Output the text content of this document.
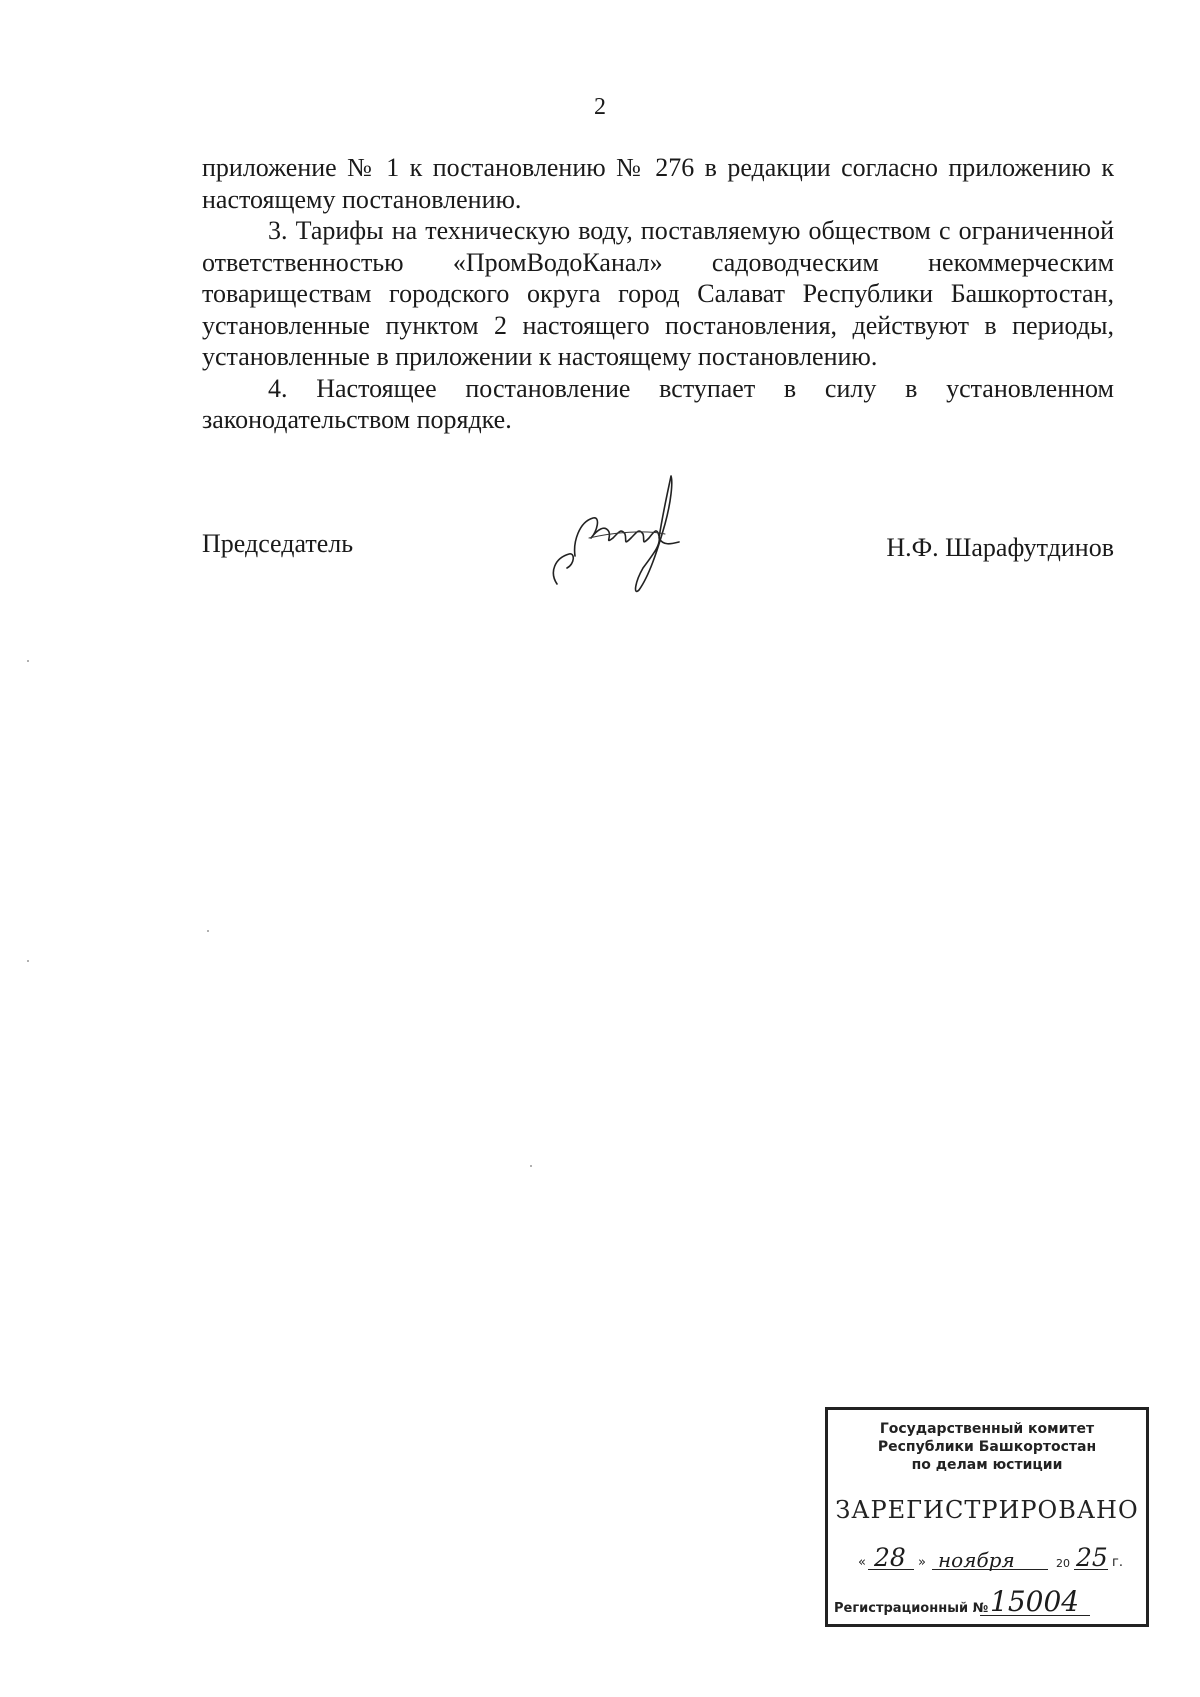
2

приложение № 1 к постановлению № 276 в редакции согласно приложению к настоящему постановлению.

3. Тарифы на техническую воду, поставляемую обществом с ограниченной ответственностью «ПромВодоКанал» садоводческим некоммерческим товариществам городского округа город Салават Республики Башкортостан, установленные пунктом 2 настоящего постановления, действуют в периоды, установленные в приложении к настоящему постановлению.

4. Настоящее постановление вступает в силу в установленном законодательством порядке.

Председатель	Н.Ф. Шарафутдинов
Государственный комитет
Республики Башкортостан
по делам юстиции
ЗАРЕГИСТРИРОВАНО
« 28 » ноября	20 25 г.
Регистрационный № 15004
